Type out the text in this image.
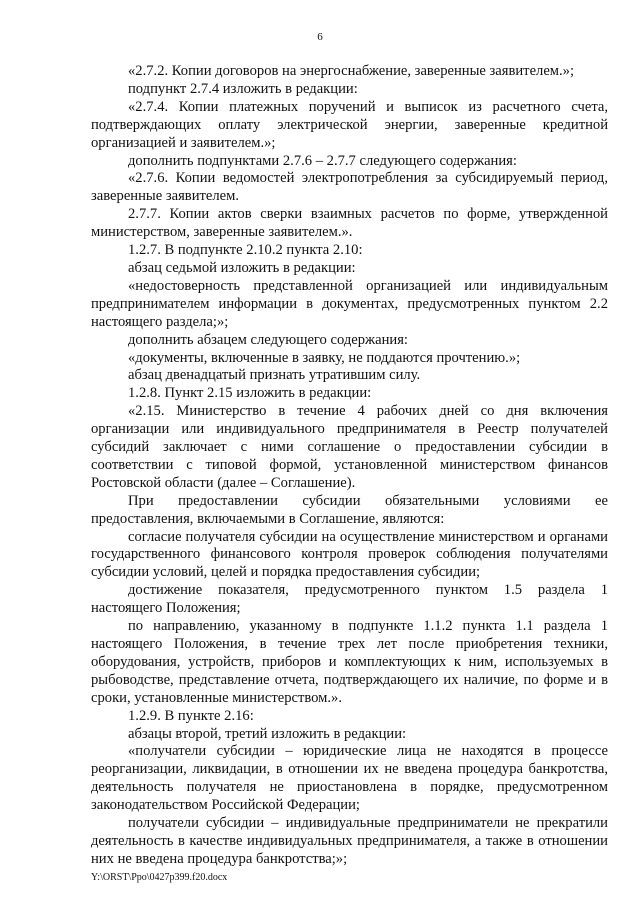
6

«2.7.2. Копии договоров на энергоснабжение, заверенные заявителем.»;

подпункт 2.7.4 изложить в редакции:

«2.7.4. Копии платежных поручений и выписок из расчетного счета, подтверждающих оплату электрической энергии, заверенные кредитной организацией и заявителем.»;

дополнить подпунктами 2.7.6 – 2.7.7 следующего содержания:

«2.7.6. Копии ведомостей электропотребления за субсидируемый период, заверенные заявителем.

2.7.7. Копии актов сверки взаимных расчетов по форме, утвержденной министерством, заверенные заявителем.».

1.2.7. В подпункте 2.10.2 пункта 2.10:

абзац седьмой изложить в редакции:

«недостоверность представленной организацией или индивидуальным предпринимателем информации в документах, предусмотренных пунктом 2.2 настоящего раздела;»;

дополнить абзацем следующего содержания:

«документы, включенные в заявку, не поддаются прочтению.»;

абзац двенадцатый признать утратившим силу.

1.2.8. Пункт 2.15 изложить в редакции:

«2.15. Министерство в течение 4 рабочих дней со дня включения организации или индивидуального предпринимателя в Реестр получателей субсидий заключает с ними соглашение о предоставлении субсидии в соответствии с типовой формой, установленной министерством финансов Ростовской области (далее – Соглашение).

При предоставлении субсидии обязательными условиями ее предоставления, включаемыми в Соглашение, являются:

согласие получателя субсидии на осуществление министерством и органами государственного финансового контроля проверок соблюдения получателями субсидии условий, целей и порядка предоставления субсидии;

достижение показателя, предусмотренного пунктом 1.5 раздела 1 настоящего Положения;

по направлению, указанному в подпункте 1.1.2 пункта 1.1 раздела 1 настоящего Положения, в течение трех лет после приобретения техники, оборудования, устройств, приборов и комплектующих к ним, используемых в рыбоводстве, представление отчета, подтверждающего их наличие, по форме и в сроки, установленные министерством.».

1.2.9. В пункте 2.16:

абзацы второй, третий изложить в редакции:

«получатели субсидии – юридические лица не находятся в процессе реорганизации, ликвидации, в отношении их не введена процедура банкротства, деятельность получателя не приостановлена в порядке, предусмотренном законодательством Российской Федерации;

получатели субсидии – индивидуальные предприниматели не прекратили деятельность в качестве индивидуальных предпринимателя, а также в отношении них не введена процедура банкротства;»;

Y:\ORST\Ppo\0427p399.f20.docx
